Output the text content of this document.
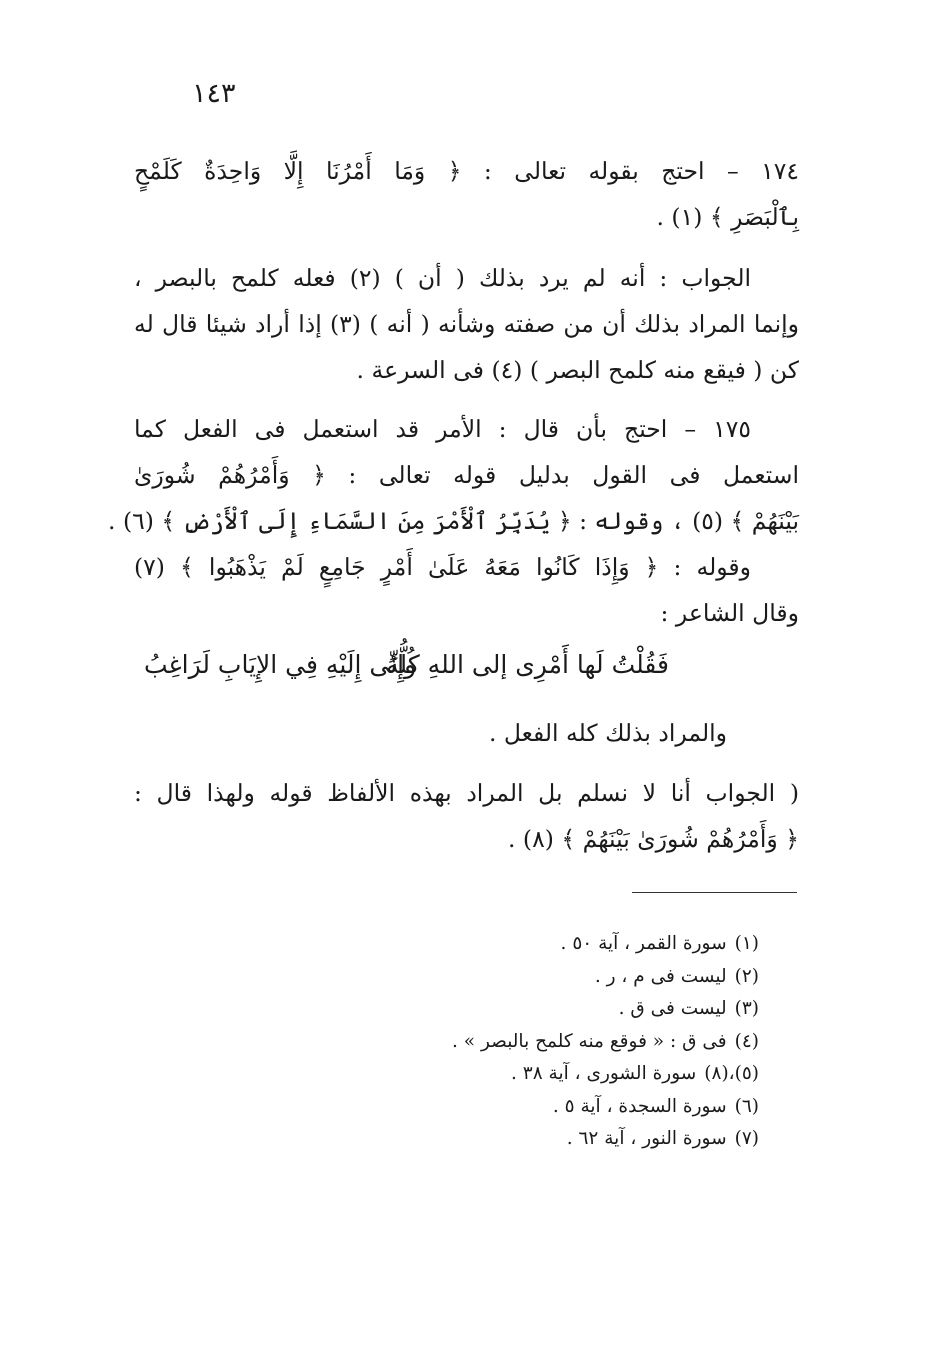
١٤٣
١٧٤ – احتج بقوله تعالى : ﴿ وَمَا أَمْرُنَا إِلَّا وَاحِدَةٌ كَلَمْحٍ
بِٱلْبَصَرِ ﴾ (١) .
الجواب : أنه لم يرد بذلك ( أن ) (٢) فعله كلمح بالبصر ،
وإنما المراد بذلك أن من صفته وشأنه ( أنه ) (٣) إذا أراد شيئا قال له
كن ( فيقع منه كلمح البصر ) (٤) فى السرعة .
١٧٥ – احتج بأن قال : الأمر قد استعمل فى الفعل كما
استعمل فى القول بدليل قوله تعالى : ﴿ وَأَمْرُهُمْ شُورَىٰ
بَيْنَهُمْ ﴾ (٥) ، وقوله : ﴿ يُدَبِّرُ ٱلْأَمْرَ مِنَ السَّمَاءِ إِلَى ٱلْأَرْضِ ﴾ (٦) .
وقوله : ﴿ وَإِذَا كَانُوا مَعَهُ عَلَىٰ أَمْرٍ جَامِعٍ لَمْ يَذْهَبُوا ﴾ (٧)
وقال الشاعر :
فَقُلْتُ لَها أَمْرِى إلى اللهِ كُلُّهُ
وإِنِّى إِلَيْهِ فِي الإِيَابِ لَرَاغِبُ
والمراد بذلك كله الفعل .
( الجواب أنا لا نسلم بل المراد بهذه الألفاظ قوله ولهذا قال :
﴿ وَأَمْرُهُمْ شُورَىٰ بَيْنَهُمْ ﴾ (٨) .
(١)سورة القمر ، آية ٥٠ .
(٢)ليست فى م ، ر .
(٣)ليست فى ق .
(٤)فى ق : « فوقع منه كلمح بالبصر » .
(٥)،(٨)سورة الشورى ، آية ٣٨ .
(٦)سورة السجدة ، آية ٥ .
(٧)سورة النور ، آية ٦٢ .
